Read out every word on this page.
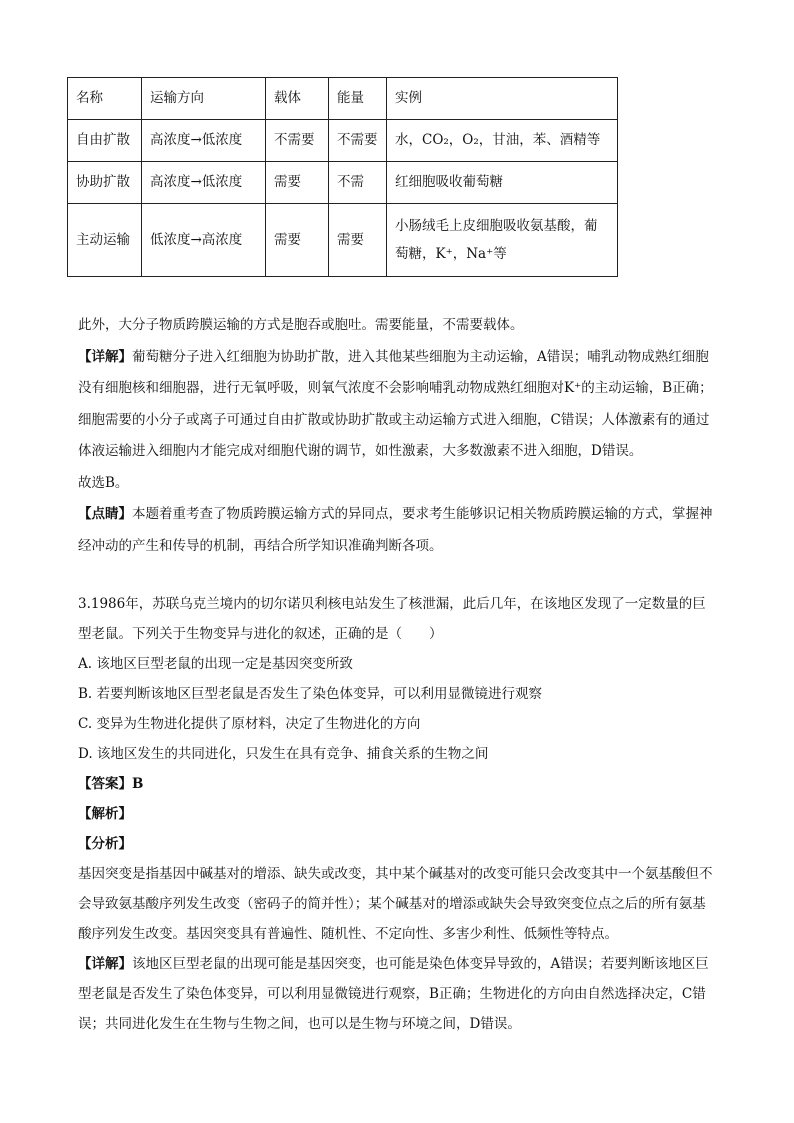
名称	运输方向	载体	能量	实例
自由扩散	高浓度→低浓度	不需要	不需要	水，CO₂，O₂，甘油，苯、酒精等
协助扩散	高浓度→低浓度	需要	不需	红细胞吸收葡萄糖
主动运输	低浓度→高浓度	需要	需要	小肠绒毛上皮细胞吸收氨基酸，葡萄糖，K⁺，Na⁺等

此外，大分子物质跨膜运输的方式是胞吞或胞吐。需要能量，不需要载体。

【详解】葡萄糖分子进入红细胞为协助扩散，进入其他某些细胞为主动运输，A错误；哺乳动物成熟红细胞没有细胞核和细胞器，进行无氧呼吸，则氧气浓度不会影响哺乳动物成熟红细胞对K⁺的主动运输，B正确；细胞需要的小分子或离子可通过自由扩散或协助扩散或主动运输方式进入细胞，C错误；人体激素有的通过体液运输进入细胞内才能完成对细胞代谢的调节，如性激素，大多数激素不进入细胞，D错误。

故选B。

【点睛】本题着重考查了物质跨膜运输方式的异同点，要求考生能够识记相关物质跨膜运输的方式，掌握神经冲动的产生和传导的机制，再结合所学知识准确判断各项。

3.1986年，苏联乌克兰境内的切尔诺贝利核电站发生了核泄漏，此后几年，在该地区发现了一定数量的巨型老鼠。下列关于生物变异与进化的叙述，正确的是（　　）

A. 该地区巨型老鼠的出现一定是基因突变所致

B. 若要判断该地区巨型老鼠是否发生了染色体变异，可以利用显微镜进行观察

C. 变异为生物进化提供了原材料，决定了生物进化的方向

D. 该地区发生的共同进化，只发生在具有竞争、捕食关系的生物之间

【答案】B

【解析】

【分析】

基因突变是指基因中碱基对的增添、缺失或改变，其中某个碱基对的改变可能只会改变其中一个氨基酸但不会导致氨基酸序列发生改变（密码子的简并性）；某个碱基对的增添或缺失会导致突变位点之后的所有氨基酸序列发生改变。基因突变具有普遍性、随机性、不定向性、多害少利性、低频性等特点。

【详解】该地区巨型老鼠的出现可能是基因突变，也可能是染色体变异导致的，A错误；若要判断该地区巨型老鼠是否发生了染色体变异，可以利用显微镜进行观察，B正确；生物进化的方向由自然选择决定，C错误；共同进化发生在生物与生物之间，也可以是生物与环境之间，D错误。
